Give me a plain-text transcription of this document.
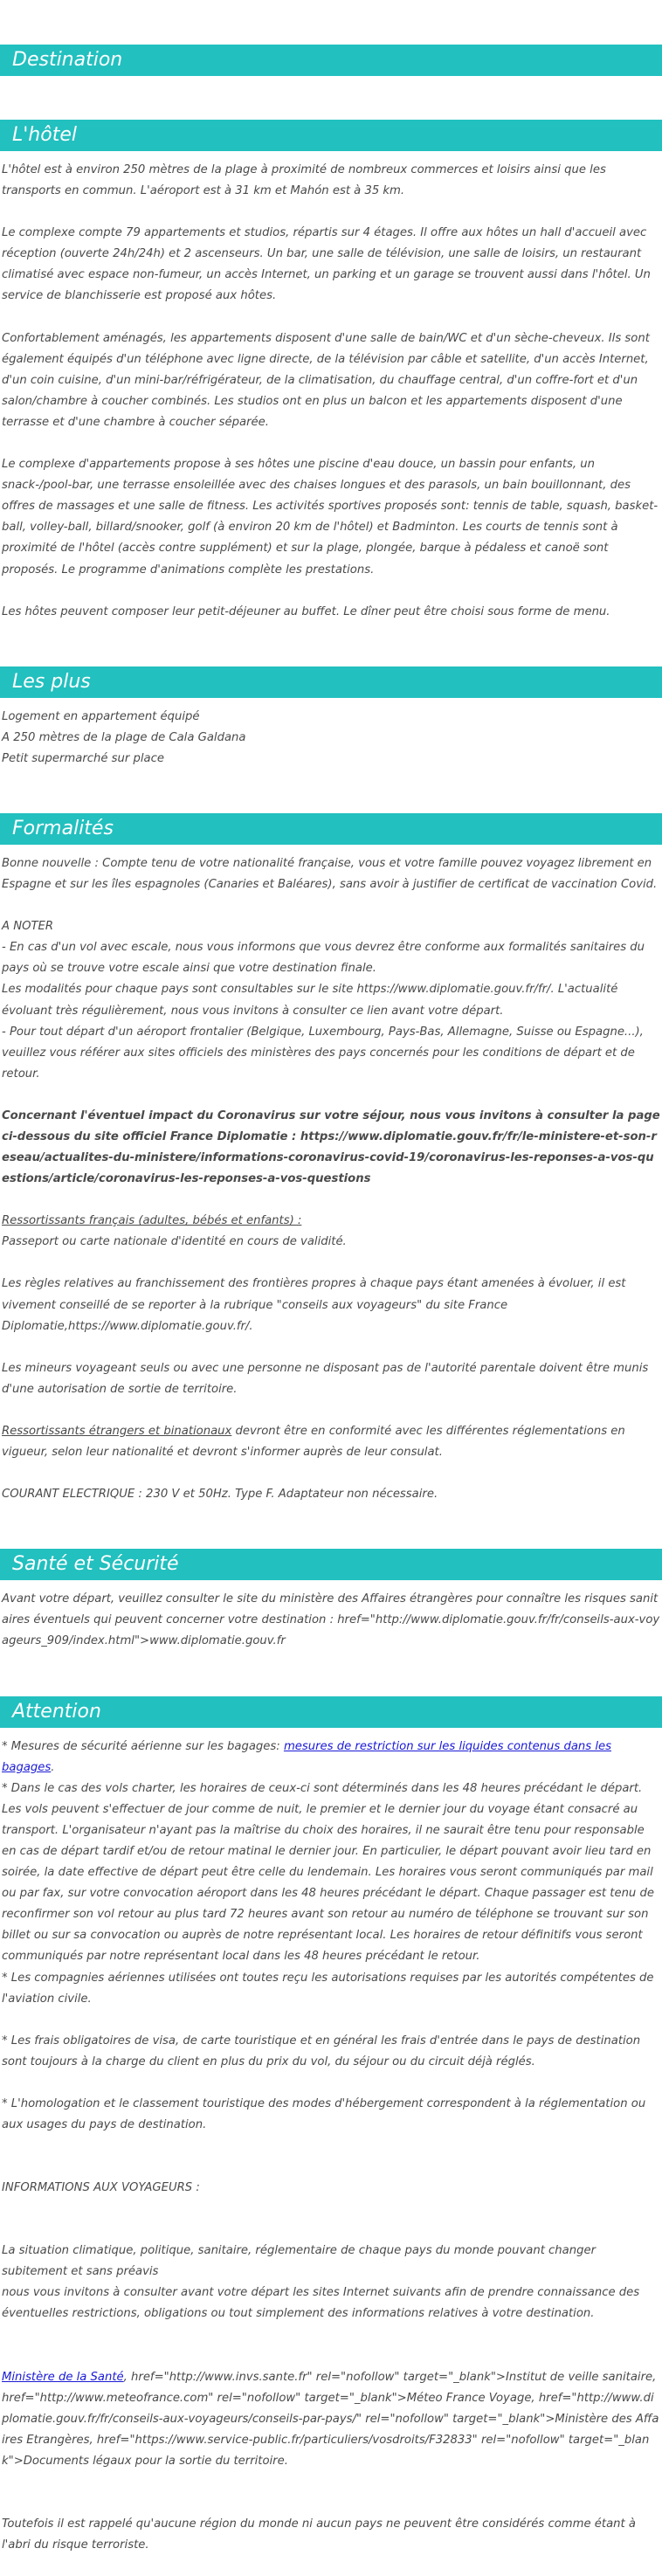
Destination
L'hôtel

L'hôtel est à environ 250 mètres de la plage à proximité de nombreux commerces et loisirs ainsi que les transports en commun. L'aéroport est à 31 km et Mahón est à 35 km.

Le complexe compte 79 appartements et studios, répartis sur 4 étages. Il offre aux hôtes un hall d'accueil avec réception (ouverte 24h/24h) et 2 ascenseurs. Un bar, une salle de télévision, une salle de loisirs, un restaurant climatisé avec espace non-fumeur, un accès Internet, un parking et un garage se trouvent aussi dans l'hôtel. Un service de blanchisserie est proposé aux hôtes.

Confortablement aménagés, les appartements disposent d'une salle de bain/WC et d'un sèche-cheveux. Ils sont également équipés d'un téléphone avec ligne directe, de la télévision par câble et satellite, d'un accès Internet, d'un coin cuisine, d'un mini-bar/réfrigérateur, de la climatisation, du chauffage central, d'un coffre-fort et d'un salon/chambre à coucher combinés. Les studios ont en plus un balcon et les appartements disposent d'une terrasse et d'une chambre à coucher séparée.

Le complexe d'appartements propose à ses hôtes une piscine d'eau douce, un bassin pour enfants, un snack-/pool-bar, une terrasse ensoleillée avec des chaises longues et des parasols, un bain bouillonnant, des offres de massages et une salle de fitness. Les activités sportives proposés sont: tennis de table, squash, basket-ball, volley-ball, billard/snooker, golf (à environ 20 km de l'hôtel) et Badminton. Les courts de tennis sont à proximité de l'hôtel (accès contre supplément) et sur la plage, plongée, barque à pédaless et canoë sont proposés. Le programme d'animations complète les prestations.

Les hôtes peuvent composer leur petit-déjeuner au buffet. Le dîner peut être choisi sous forme de menu.

Les plus

Logement en appartement équipé

A 250 mètres de la plage de Cala Galdana

Petit supermarché sur place

Formalités

Bonne nouvelle : Compte tenu de votre nationalité française, vous et votre famille pouvez voyagez librement en Espagne et sur les îles espagnoles (Canaries et Baléares), sans avoir à justifier de certificat de vaccination Covid.

A NOTER

- En cas d'un vol avec escale, nous vous informons que vous devrez être conforme aux formalités sanitaires du pays où se trouve votre escale ainsi que votre destination finale.

Les modalités pour chaque pays sont consultables sur le site https://www.diplomatie.gouv.fr/fr/. L'actualité évoluant très régulièrement, nous vous invitons à consulter ce lien avant votre départ.

- Pour tout départ d'un aéroport frontalier (Belgique, Luxembourg, Pays-Bas, Allemagne, Suisse ou Espagne...), veuillez vous référer aux sites officiels des ministères des pays concernés pour les conditions de départ et de retour.

Concernant l'éventuel impact du Coronavirus sur votre séjour, nous vous invitons à consulter la page ci-dessous du site officiel France Diplomatie : https://www.diplomatie.gouv.fr/fr/le-ministere-et-son-reseau/actualites-du-ministere/informations-coronavirus-covid-19/coronavirus-les-reponses-a-vos-questions/article/coronavirus-les-reponses-a-vos-questions

Ressortissants français (adultes, bébés et enfants) :

Passeport ou carte nationale d'identité en cours de validité.

Les règles relatives au franchissement des frontières propres à chaque pays étant amenées à évoluer, il est vivement conseillé de se reporter à la rubrique "conseils aux voyageurs" du site France Diplomatie,https://www.diplomatie.gouv.fr/.

Les mineurs voyageant seuls ou avec une personne ne disposant pas de l'autorité parentale doivent être munis d'une autorisation de sortie de territoire.

Ressortissants étrangers et binationaux devront être en conformité avec les différentes réglementations en vigueur, selon leur nationalité et devront s'informer auprès de leur consulat.

COURANT ELECTRIQUE : 230 V et 50Hz. Type F. Adaptateur non nécessaire.

Santé et Sécurité

Avant votre départ, veuillez consulter le site du ministère des Affaires étrangères pour connaître les risques sanitaires éventuels qui peuvent concerner votre destination : href="http://www.diplomatie.gouv.fr/fr/conseils-aux-voyageurs_909/index.html">www.diplomatie.gouv.fr

Attention

* Mesures de sécurité aérienne sur les bagages: mesures de restriction sur les liquides contenus dans les bagages.

* Dans le cas des vols charter, les horaires de ceux-ci sont déterminés dans les 48 heures précédant le départ. Les vols peuvent s'effectuer de jour comme de nuit, le premier et le dernier jour du voyage étant consacré au transport. L'organisateur n'ayant pas la maîtrise du choix des horaires, il ne saurait être tenu pour responsable en cas de départ tardif et/ou de retour matinal le dernier jour. En particulier, le départ pouvant avoir lieu tard en soirée, la date effective de départ peut être celle du lendemain. Les horaires vous seront communiqués par mail ou par fax, sur votre convocation aéroport dans les 48 heures précédant le départ. Chaque passager est tenu de reconfirmer son vol retour au plus tard 72 heures avant son retour au numéro de téléphone se trouvant sur son billet ou sur sa convocation ou auprès de notre représentant local. Les horaires de retour définitifs vous seront communiqués par notre représentant local dans les 48 heures précédant le retour.

* Les compagnies aériennes utilisées ont toutes reçu les autorisations requises par les autorités compétentes de l'aviation civile.

* Les frais obligatoires de visa, de carte touristique et en général les frais d'entrée dans le pays de destination sont toujours à la charge du client en plus du prix du vol, du séjour ou du circuit déjà réglés.

* L'homologation et le classement touristique des modes d'hébergement correspondent à la réglementation ou aux usages du pays de destination.

INFORMATIONS AUX VOYAGEURS :

La situation climatique, politique, sanitaire, réglementaire de chaque pays du monde pouvant changer subitement et sans préavis

nous vous invitons à consulter avant votre départ les sites Internet suivants afin de prendre connaissance des éventuelles restrictions, obligations ou tout simplement des informations relatives à votre destination.

Ministère de la Santé, href="http://www.invs.sante.fr" rel="nofollow" target="_blank">Institut de veille sanitaire, href="http://www.meteofrance.com" rel="nofollow" target="_blank">Méteo France Voyage, href="http://www.diplomatie.gouv.fr/fr/conseils-aux-voyageurs/conseils-par-pays/" rel="nofollow" target="_blank">Ministère des Affaires Etrangères, href="https://www.service-public.fr/particuliers/vosdroits/F32833" rel="nofollow" target="_blank">Documents légaux pour la sortie du territoire.

Toutefois il est rappelé qu'aucune région du monde ni aucun pays ne peuvent être considérés comme étant à l'abri du risque terroriste.
